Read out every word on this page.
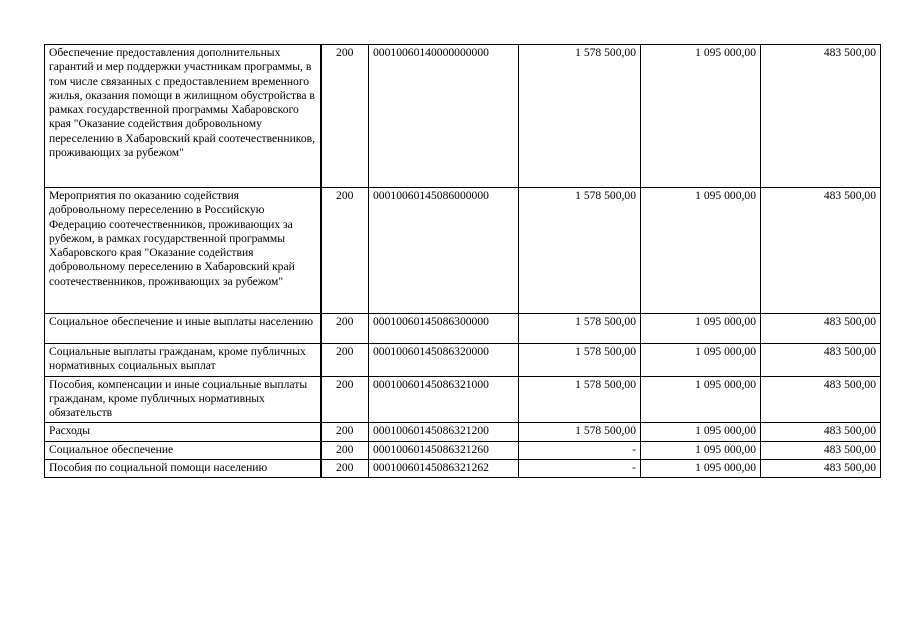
Обеспечение предоставления дополнительных гарантий и мер поддержки участникам программы, в том числе связанных с предоставлением временного жилья, оказания помощи в жилищном обустройства в рамках государственной программы Хабаровского края "Оказание содействия добровольному переселению в Хабаровский край соотечественников, проживающих за рубежом"	200	00010060140000000000	1 578 500,00	1 095 000,00	483 500,00
Мероприятия по оказанию содействия добровольному переселению в Российскую Федерацию соотечественников, проживающих за рубежом, в рамках государственной программы Хабаровского края "Оказание содействия добровольному переселению в Хабаровский край соотечественников, проживающих за рубежом"	200	00010060145086000000	1 578 500,00	1 095 000,00	483 500,00
Социальное обеспечение и иные выплаты населению	200	00010060145086300000	1 578 500,00	1 095 000,00	483 500,00
Социальные выплаты гражданам, кроме публичных нормативных социальных выплат	200	00010060145086320000	1 578 500,00	1 095 000,00	483 500,00
Пособия, компенсации и иные социальные выплаты гражданам, кроме публичных нормативных обязательств	200	00010060145086321000	1 578 500,00	1 095 000,00	483 500,00
Расходы	200	00010060145086321200	1 578 500,00	1 095 000,00	483 500,00
Социальное обеспечение	200	00010060145086321260	-	1 095 000,00	483 500,00
Пособия по социальной помощи населению	200	00010060145086321262	-	1 095 000,00	483 500,00
